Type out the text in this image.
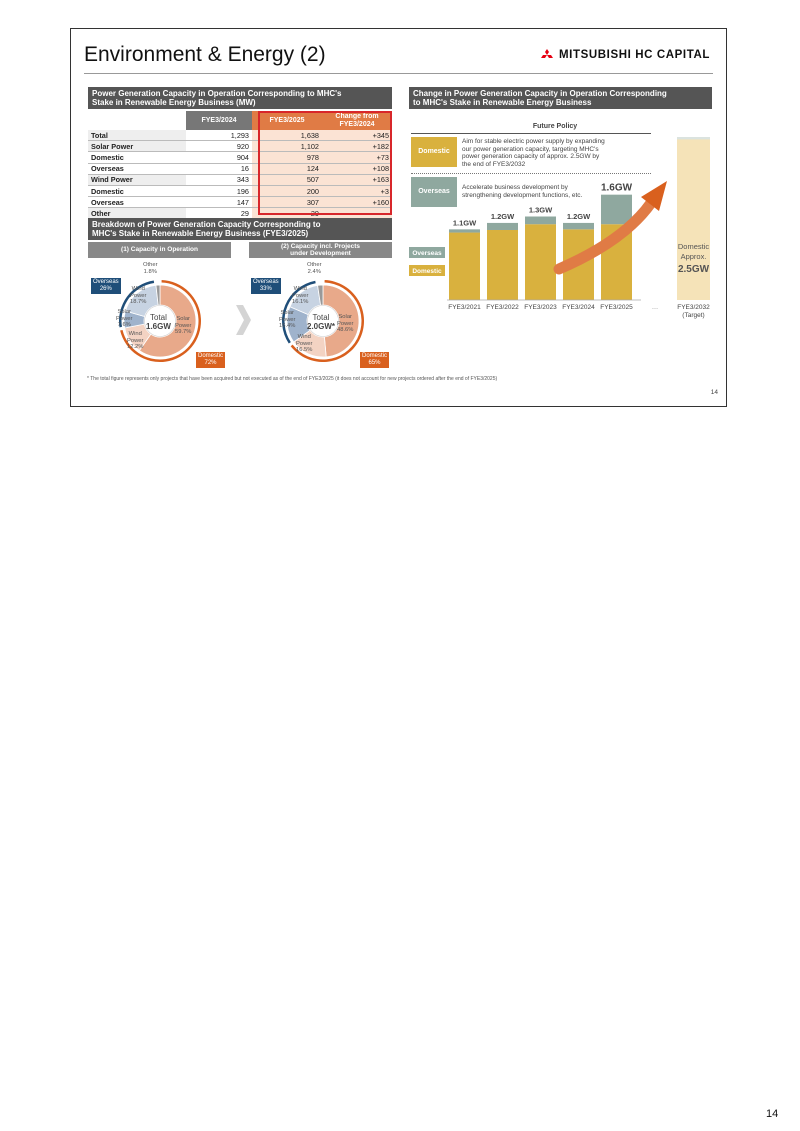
Environment & Energy (2)	MITSUBISHI HC CAPITAL
Power Generation Capacity in Operation Corresponding to MHC's
Stake in Renewable Energy Business (MW)
	FYE3/2024	FYE3/2025	Change from
FYE3/2024

Total	1,293	1,638	+345
Solar Power	920	1,102	+182
Domestic	904	978	+73
Overseas	16	124	+108
Wind Power	343	507	+163
Domestic	196	200	+3
Overseas	147	307	+160
Other	29	29	-
Breakdown of Power Generation Capacity Corresponding to
MHC's Stake in Renewable Energy Business (FYE3/2025)
(1) Capacity in Operation	(2) Capacity incl. Projects
under Development
Other
1.8%
Wind
Power
18.7%
Solar
Power
7.6%
Wind
Power
12.2%
Solar
Power
59.7%
Total
1.6GW
Overseas
26%
Domestic
72%
Other
2.4%
Wind
Power
16.1%
Solar
Power
16.4%
Wind
Power
16.5%
Solar
Power
48.6%
Total
2.0GW*
Overseas
33%
Domestic
65%
Change in Power Generation Capacity in Operation Corresponding
to MHC's Stake in Renewable Energy Business
1.1GW
FYE3/2021
1.2GW
FYE3/2022
1.3GW
FYE3/2023
1.2GW
FYE3/2024
1.6GW
FYE3/2025	FYE3/2032
(Target)
…
Domestic
Approx.
2.5GW
Overseas
Domestic
Future Policy
Domestic
Aim for stable electric power supply by expanding
our power generation capacity, targeting MHC's
power generation capacity of approx. 2.5GW by
the end of FYE3/2032
Overseas
Accelerate business development by
strengthening development functions, etc.
* The total figure represents only projects that have been acquired but not executed as of the end of FYE3/2025 (it does not account for new projects ordered after the end of FYE3/2025)
14
14
